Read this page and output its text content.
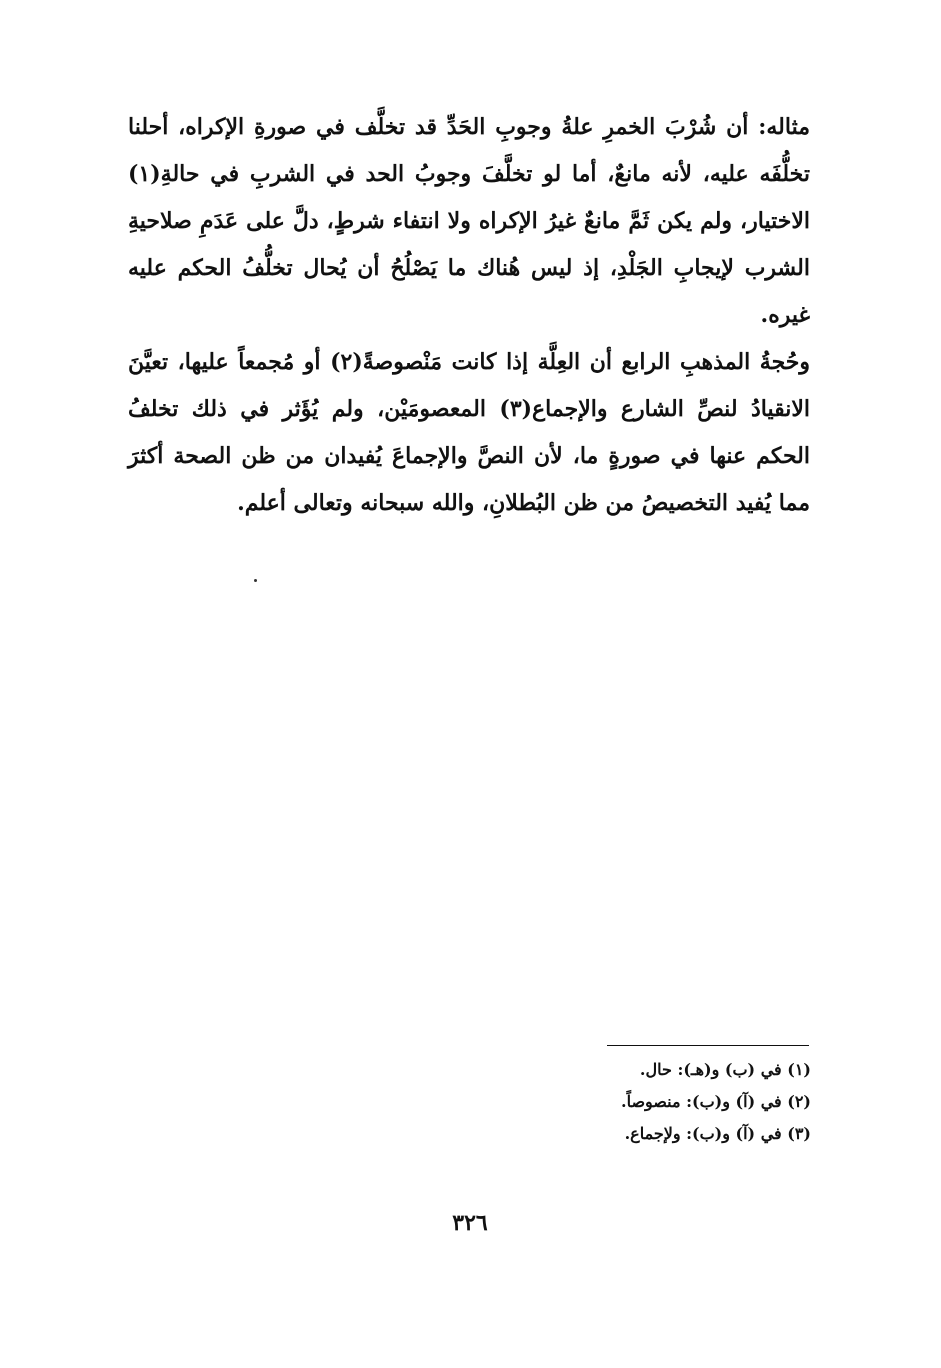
مثاله: أن شُرْبَ الخمرِ علةُ وجوبِ الحَدِّ قد تخلَّف في صورةِ الإكراه، أحلنا تخلُّفَه عليه، لأنه مانعٌ، أما لو تخلَّفَ وجوبُ الحد في الشربِ في حالةِ(١) الاختيار، ولم يكن ثَمَّ مانعٌ غيرُ الإكراه ولا انتفاء شرطٍ، دلَّ على عَدَمِ صلاحيةِ الشرب لإيجابِ الجَلْدِ، إذ ليس هُناك ما يَصْلُحُ أن يُحال تخلُّفُ الحكم عليه غيره.

وحُجةُ المذهبِ الرابع أن العِلَّة إذا كانت مَنْصوصةً(٢) أو مُجمعاً عليها، تعيَّنَ الانقيادُ لنصِّ الشارع والإجماع(٣) المعصومَيْن، ولم يُؤَثر في ذلك تخلفُ الحكم عنها في صورةٍ ما، لأن النصَّ والإجماعَ يُفيدان من ظن الصحة أكثرَ مما يُفيد التخصيصُ من ظن البُطلانِ، والله سبحانه وتعالى أعلم.

(١) في (ب) و(هـ): حال.

(٢) في (آ) و(ب): منصوصاً.

(٣) في (آ) و(ب): ولإجماع.

٣٢٦
